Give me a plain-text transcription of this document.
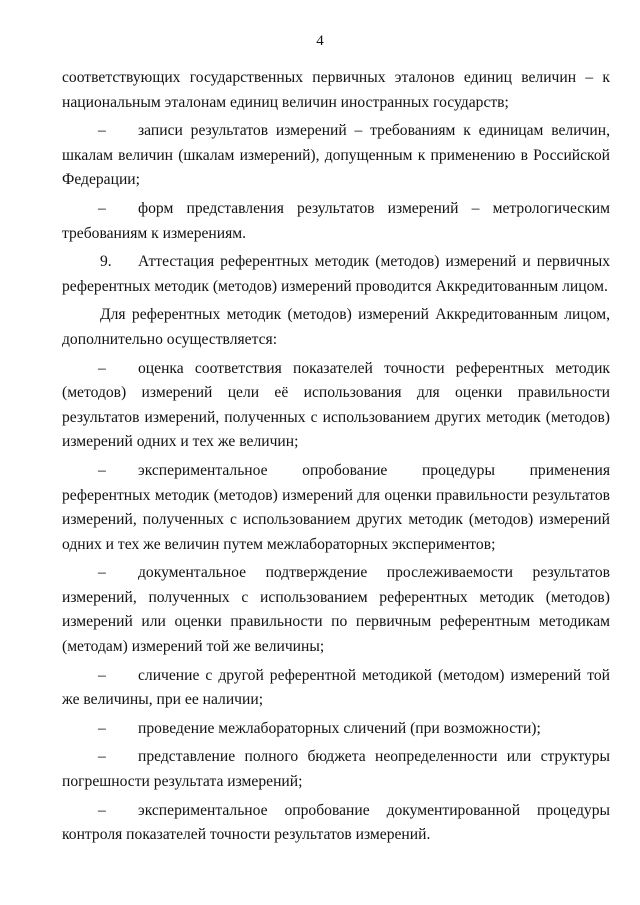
4

соответствующих государственных первичных эталонов единиц величин – к национальным эталонам единиц величин иностранных государств;

– записи результатов измерений – требованиям к единицам величин, шкалам величин (шкалам измерений), допущенным к применению в Российской Федерации;

– форм представления результатов измерений – метрологическим требованиям к измерениям.

9. Аттестация референтных методик (методов) измерений и первичных референтных методик (методов) измерений проводится Аккредитованным лицом.

Для референтных методик (методов) измерений Аккредитованным лицом, дополнительно осуществляется:

– оценка соответствия показателей точности референтных методик (методов) измерений цели её использования для оценки правильности результатов измерений, полученных с использованием других методик (методов) измерений одних и тех же величин;

– экспериментальное опробование процедуры применения референтных методик (методов) измерений для оценки правильности результатов измерений, полученных с использованием других методик (методов) измерений одних и тех же величин путем межлабораторных экспериментов;

– документальное подтверждение прослеживаемости результатов измерений, полученных с использованием референтных методик (методов) измерений или оценки правильности по первичным референтным методикам (методам) измерений той же величины;

– сличение с другой референтной методикой (методом) измерений той же величины, при ее наличии;

– проведение межлабораторных сличений (при возможности);

– представление полного бюджета неопределенности или структуры погрешности результата измерений;

– экспериментальное опробование документированной процедуры контроля показателей точности результатов измерений.
